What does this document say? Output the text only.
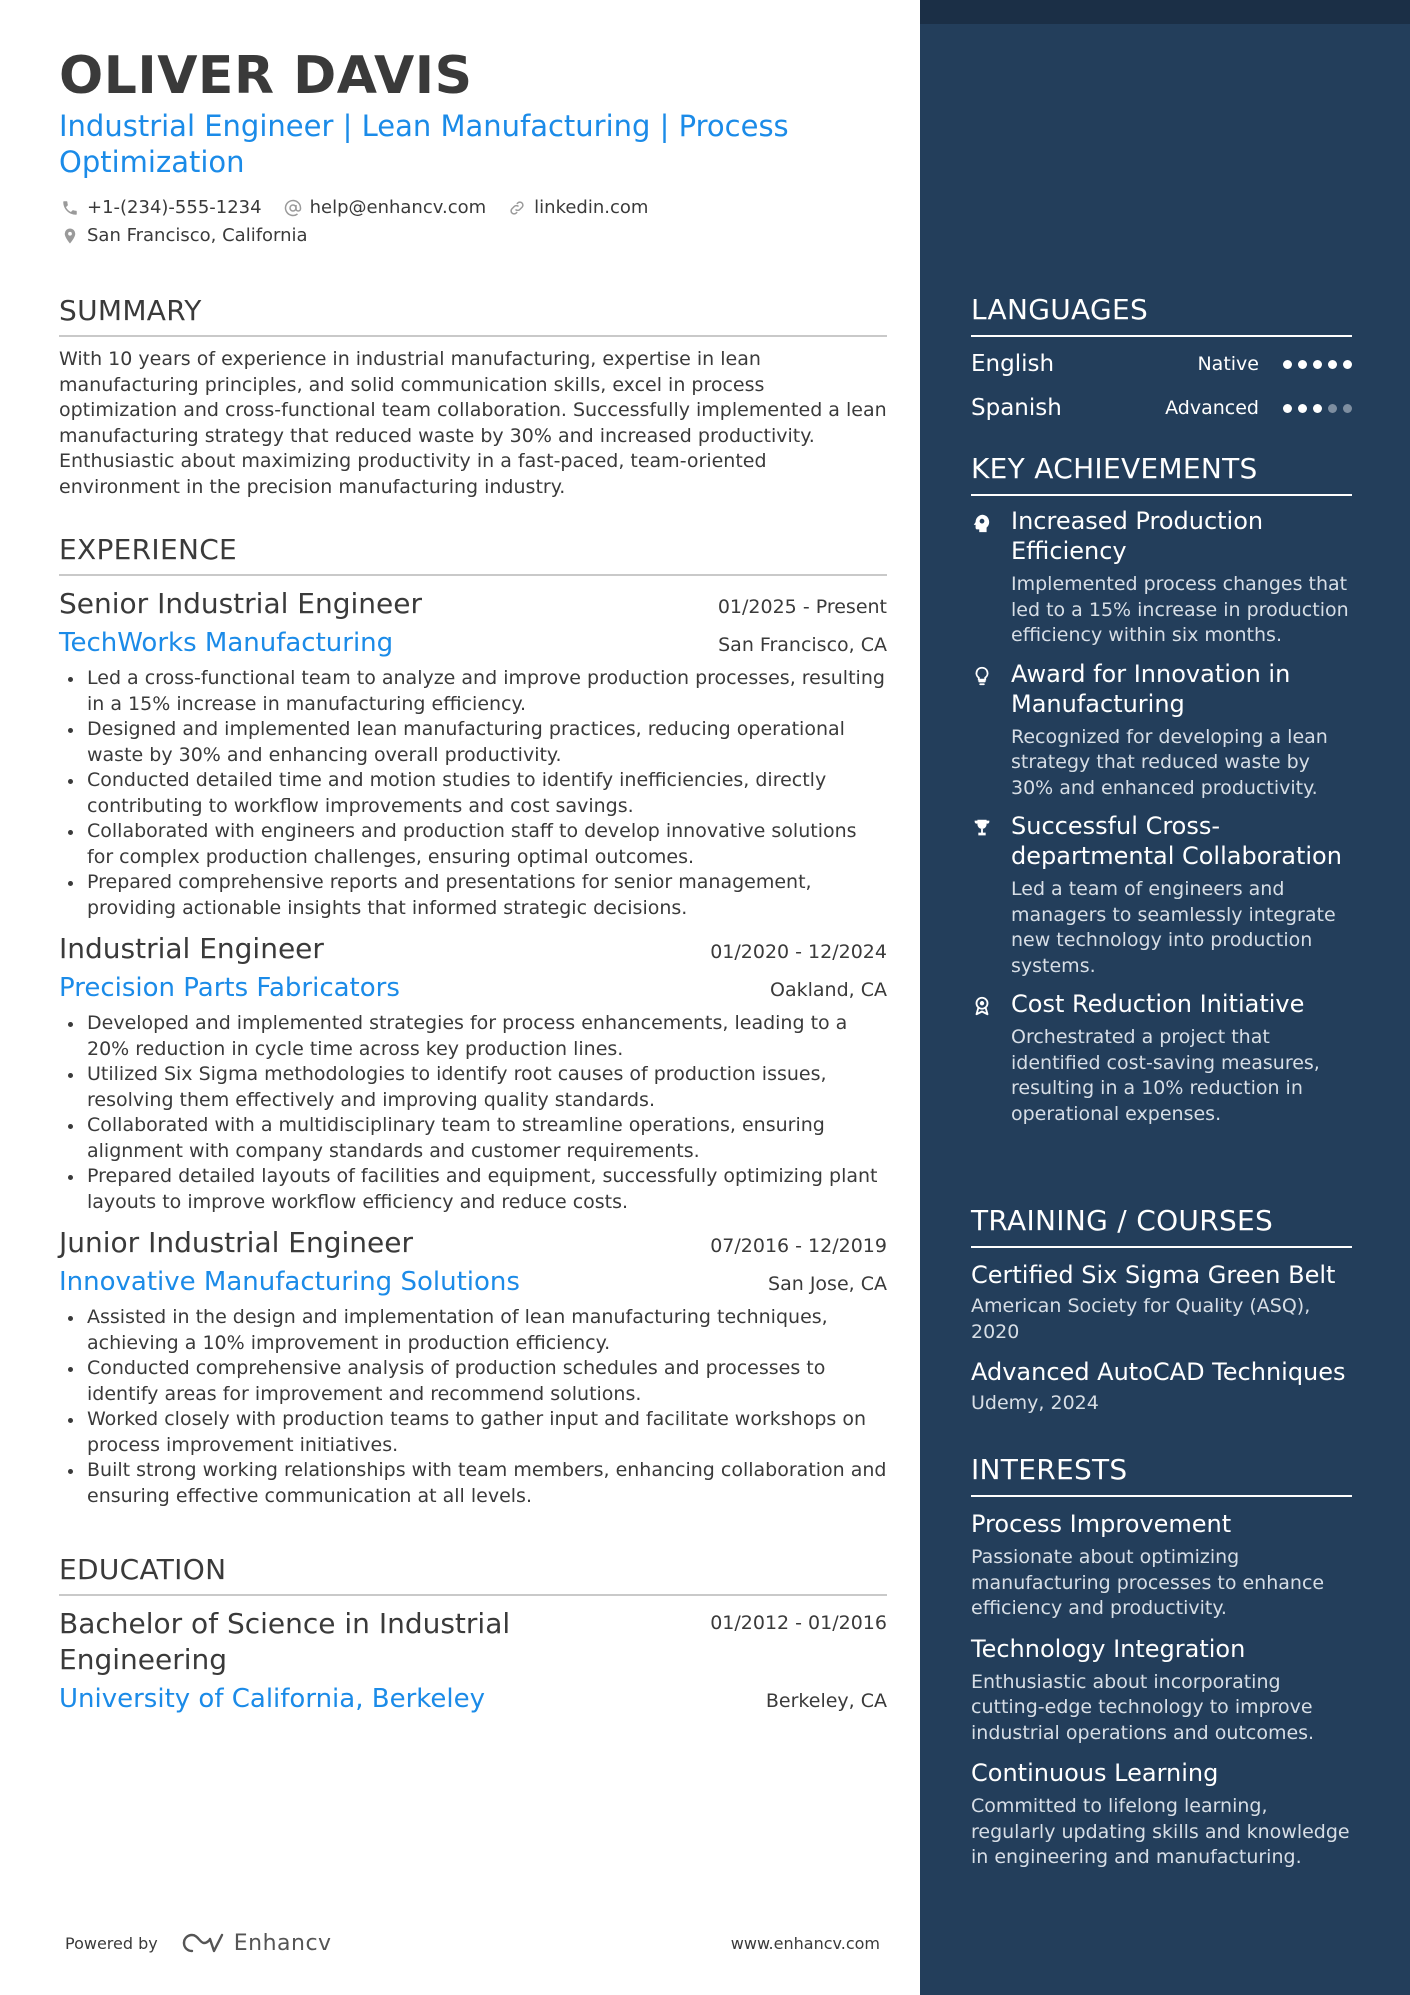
OLIVER DAVIS
Industrial Engineer | Lean Manufacturing | Process
Optimization
+1-(234)-555-1234	help@enhancv.com	linkedin.com
San Francisco, California
SUMMARY
With 10 years of experience in industrial manufacturing, expertise in lean manufacturing principles, and solid communication skills, excel in process optimization and cross-functional team collaboration. Successfully implemented a lean manufacturing strategy that reduced waste by 30% and increased productivity. Enthusiastic about maximizing productivity in a fast-paced, team-oriented environment in the precision manufacturing industry.
EXPERIENCE
Senior Industrial Engineer	01/2025 - Present
TechWorks Manufacturing	San Francisco, CA
Led a cross-functional team to analyze and improve production processes, resulting in a 15% increase in manufacturing efficiency.
Designed and implemented lean manufacturing practices, reducing operational waste by 30% and enhancing overall productivity.
Conducted detailed time and motion studies to identify inefficiencies, directly contributing to workflow improvements and cost savings.
Collaborated with engineers and production staff to develop innovative solutions for complex production challenges, ensuring optimal outcomes.
Prepared comprehensive reports and presentations for senior management, providing actionable insights that informed strategic decisions.
Industrial Engineer	01/2020 - 12/2024
Precision Parts Fabricators	Oakland, CA
Developed and implemented strategies for process enhancements, leading to a 20% reduction in cycle time across key production lines.
Utilized Six Sigma methodologies to identify root causes of production issues, resolving them effectively and improving quality standards.
Collaborated with a multidisciplinary team to streamline operations, ensuring alignment with company standards and customer requirements.
Prepared detailed layouts of facilities and equipment, successfully optimizing plant layouts to improve workflow efficiency and reduce costs.
Junior Industrial Engineer	07/2016 - 12/2019
Innovative Manufacturing Solutions	San Jose, CA
Assisted in the design and implementation of lean manufacturing techniques, achieving a 10% improvement in production efficiency.
Conducted comprehensive analysis of production schedules and processes to identify areas for improvement and recommend solutions.
Worked closely with production teams to gather input and facilitate workshops on process improvement initiatives.
Built strong working relationships with team members, enhancing collaboration and ensuring effective communication at all levels.
EDUCATION
Bachelor of Science in Industrial
Engineering
01/2012 - 01/2016
University of California, Berkeley	Berkeley, CA
Powered by	Enhancv	www.enhancv.com
LANGUAGES
English	Native
Spanish	Advanced
KEY ACHIEVEMENTS
Increased Production Efficiency
Implemented process changes that led to a 15% increase in production efficiency within six months.
Award for Innovation in Manufacturing
Recognized for developing a lean strategy that reduced waste by 30% and enhanced productivity.
Successful Cross-departmental Collaboration
Led a team of engineers and managers to seamlessly integrate new technology into production systems.
Cost Reduction Initiative
Orchestrated a project that identified cost-saving measures, resulting in a 10% reduction in operational expenses.
TRAINING / COURSES
Certified Six Sigma Green Belt
American Society for Quality (ASQ), 2020
Advanced AutoCAD Techniques
Udemy, 2024
INTERESTS
Process Improvement
Passionate about optimizing manufacturing processes to enhance efficiency and productivity.
Technology Integration
Enthusiastic about incorporating cutting-edge technology to improve industrial operations and outcomes.
Continuous Learning
Committed to lifelong learning, regularly updating skills and knowledge in engineering and manufacturing.
